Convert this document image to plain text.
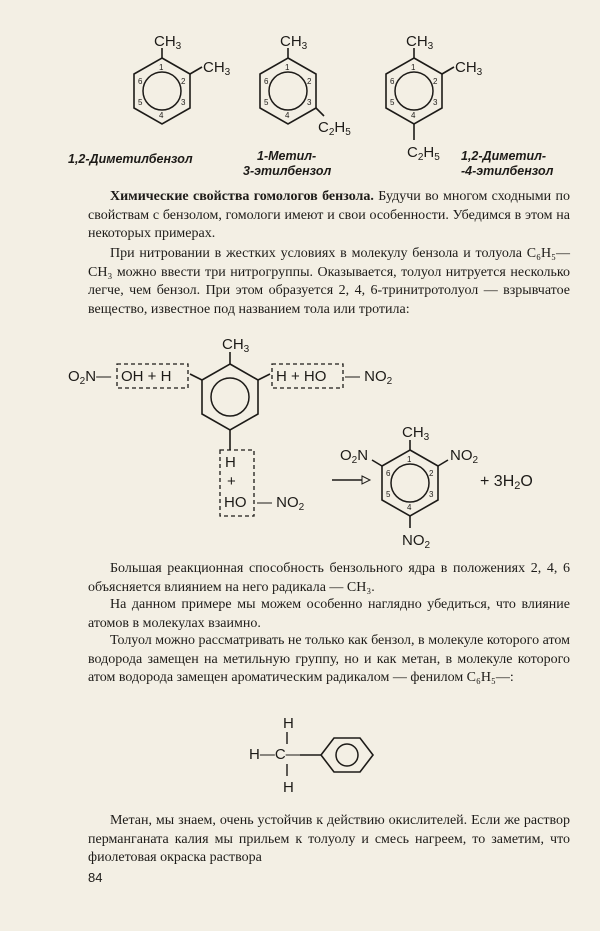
$CH_3$
$CH_3$
1
2
3
4
5
6
1,2-Диметилбензол
$CH_3$
$C_2H_5$
1
2
3
4
5
6
1-Метил-
3-этилбензол
$CH_3$
$CH_3$
$C_2H_5$
1
2
3
4
5
6
1,2-Диметил-
-4-этилбензол
$O_2N—$ OH + H
$CH_3$
H + HO — $NO_2$
H
+
HO — $NO_2$
$CH_3$
$O_2N$	$NO_2$
$NO_2$
1
2
3
4
5
6	+ 3H2O
H
H—C—
H

Химические свойства гомологов бензола. Будучи во многом сходными по свойствам с бензолом, гомологи имеют и свои особенности. Убедимся в этом на некоторых примерах.

При нитровании в жестких условиях в молекулу бензола и толуола C₆H₅—CH₃ можно ввести три нитрогруппы. Оказывается, толуол нитруется несколько легче, чем бензол. При этом образуется 2, 4, 6-тринитротолуол — взрывчатое вещество, известное под названием тола или тротила:

Большая реакционная способность бензольного ядра в положениях 2, 4, 6 объясняется влиянием на него радикала — CH₃.

На данном примере мы можем особенно наглядно убедиться, что влияние атомов в молекулах взаимно.

Толуол можно рассматривать не только как бензол, в молекуле которого атом водорода замещен на метильную группу, но и как метан, в молекуле которого атом водорода замещен ароматическим радикалом — фенилом C₆H₅—:

Метан, мы знаем, очень устойчив к действию окислителей. Если же раствор перманганата калия мы прильем к толуолу и смесь нагреем, то заметим, что фиолетовая окраска раствора

84
